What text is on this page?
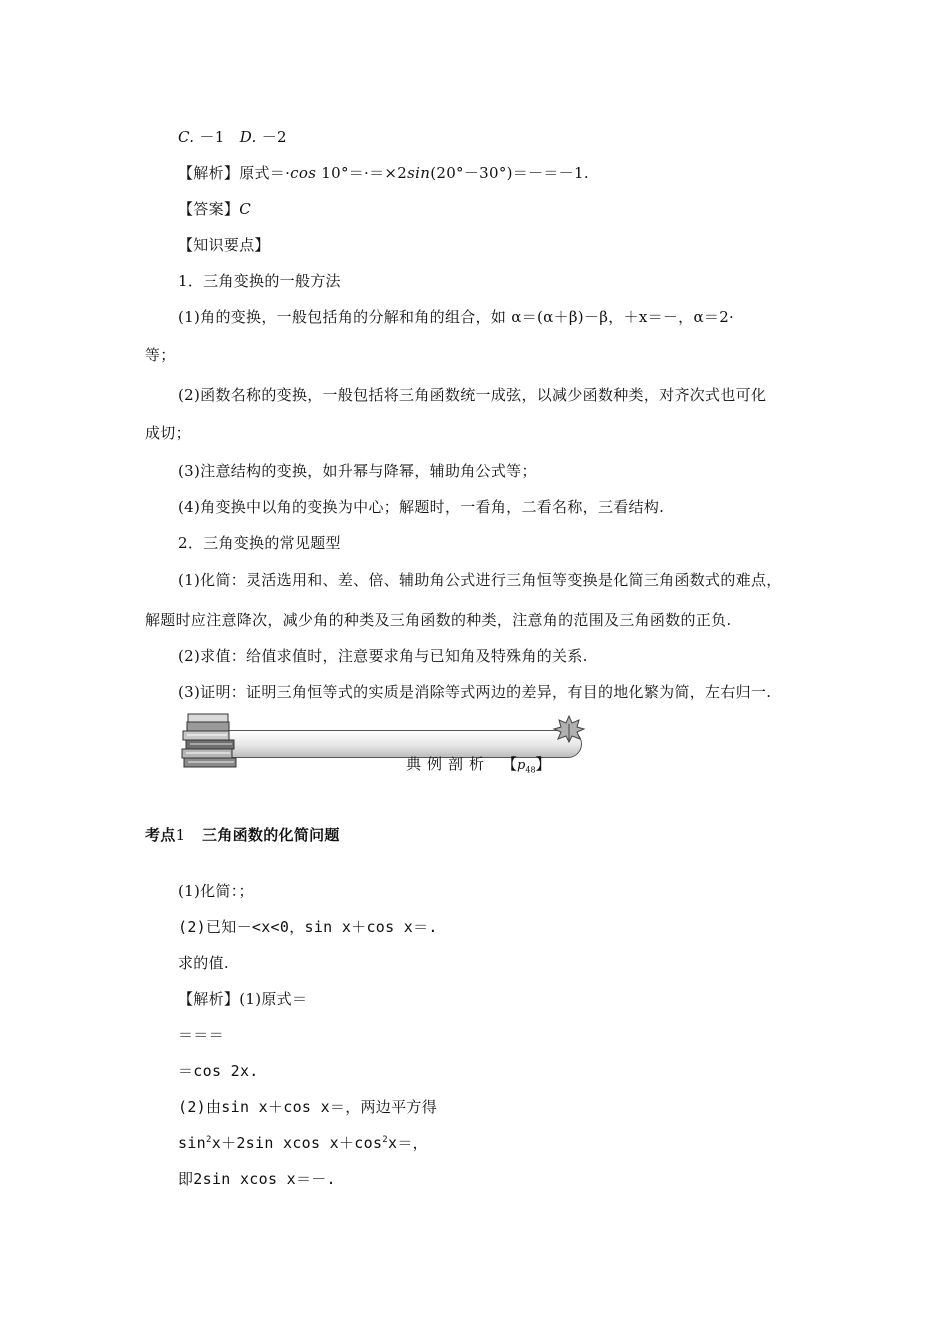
C. －1 D. －2
【解析】原式＝·cos 10°＝·＝×2sin(20°－30°)＝－＝－1.
【答案】C
【知识要点】
1．三角变换的一般方法
(1)角的变换，一般包括角的分解和角的组合，如 α＝(α＋β)－β，＋x＝－，α＝2·
等；
(2)函数名称的变换，一般包括将三角函数统一成弦，以减少函数种类，对齐次式也可化
成切；
(3)注意结构的变换，如升幂与降幂，辅助角公式等；
(4)角变换中以角的变换为中心；解题时，一看角，二看名称，三看结构.
2．三角变换的常见题型
(1)化简：灵活选用和、差、倍、辅助角公式进行三角恒等变换是化简三角函数式的难点，
解题时应注意降次，减少角的种类及三角函数的种类，注意角的范围及三角函数的正负.
(2)求值：给值求值时，注意要求角与已知角及特殊角的关系.
(3)证明：证明三角恒等式的实质是消除等式两边的差异，有目的地化繁为简，左右归一.
典例剖析 【$p_{48}$】
考点1 三角函数的化简问题
(1)化简：；
(2)已知－<x<0，sin x＋cos x＝.
求的值.
【解析】(1)原式＝
＝＝＝
＝cos 2x.
(2)由sin x＋cos x＝，两边平方得
$\sin^2x+2\sin$ xcos $x+\cos^2x=$，
即2sin xcos x＝－.
